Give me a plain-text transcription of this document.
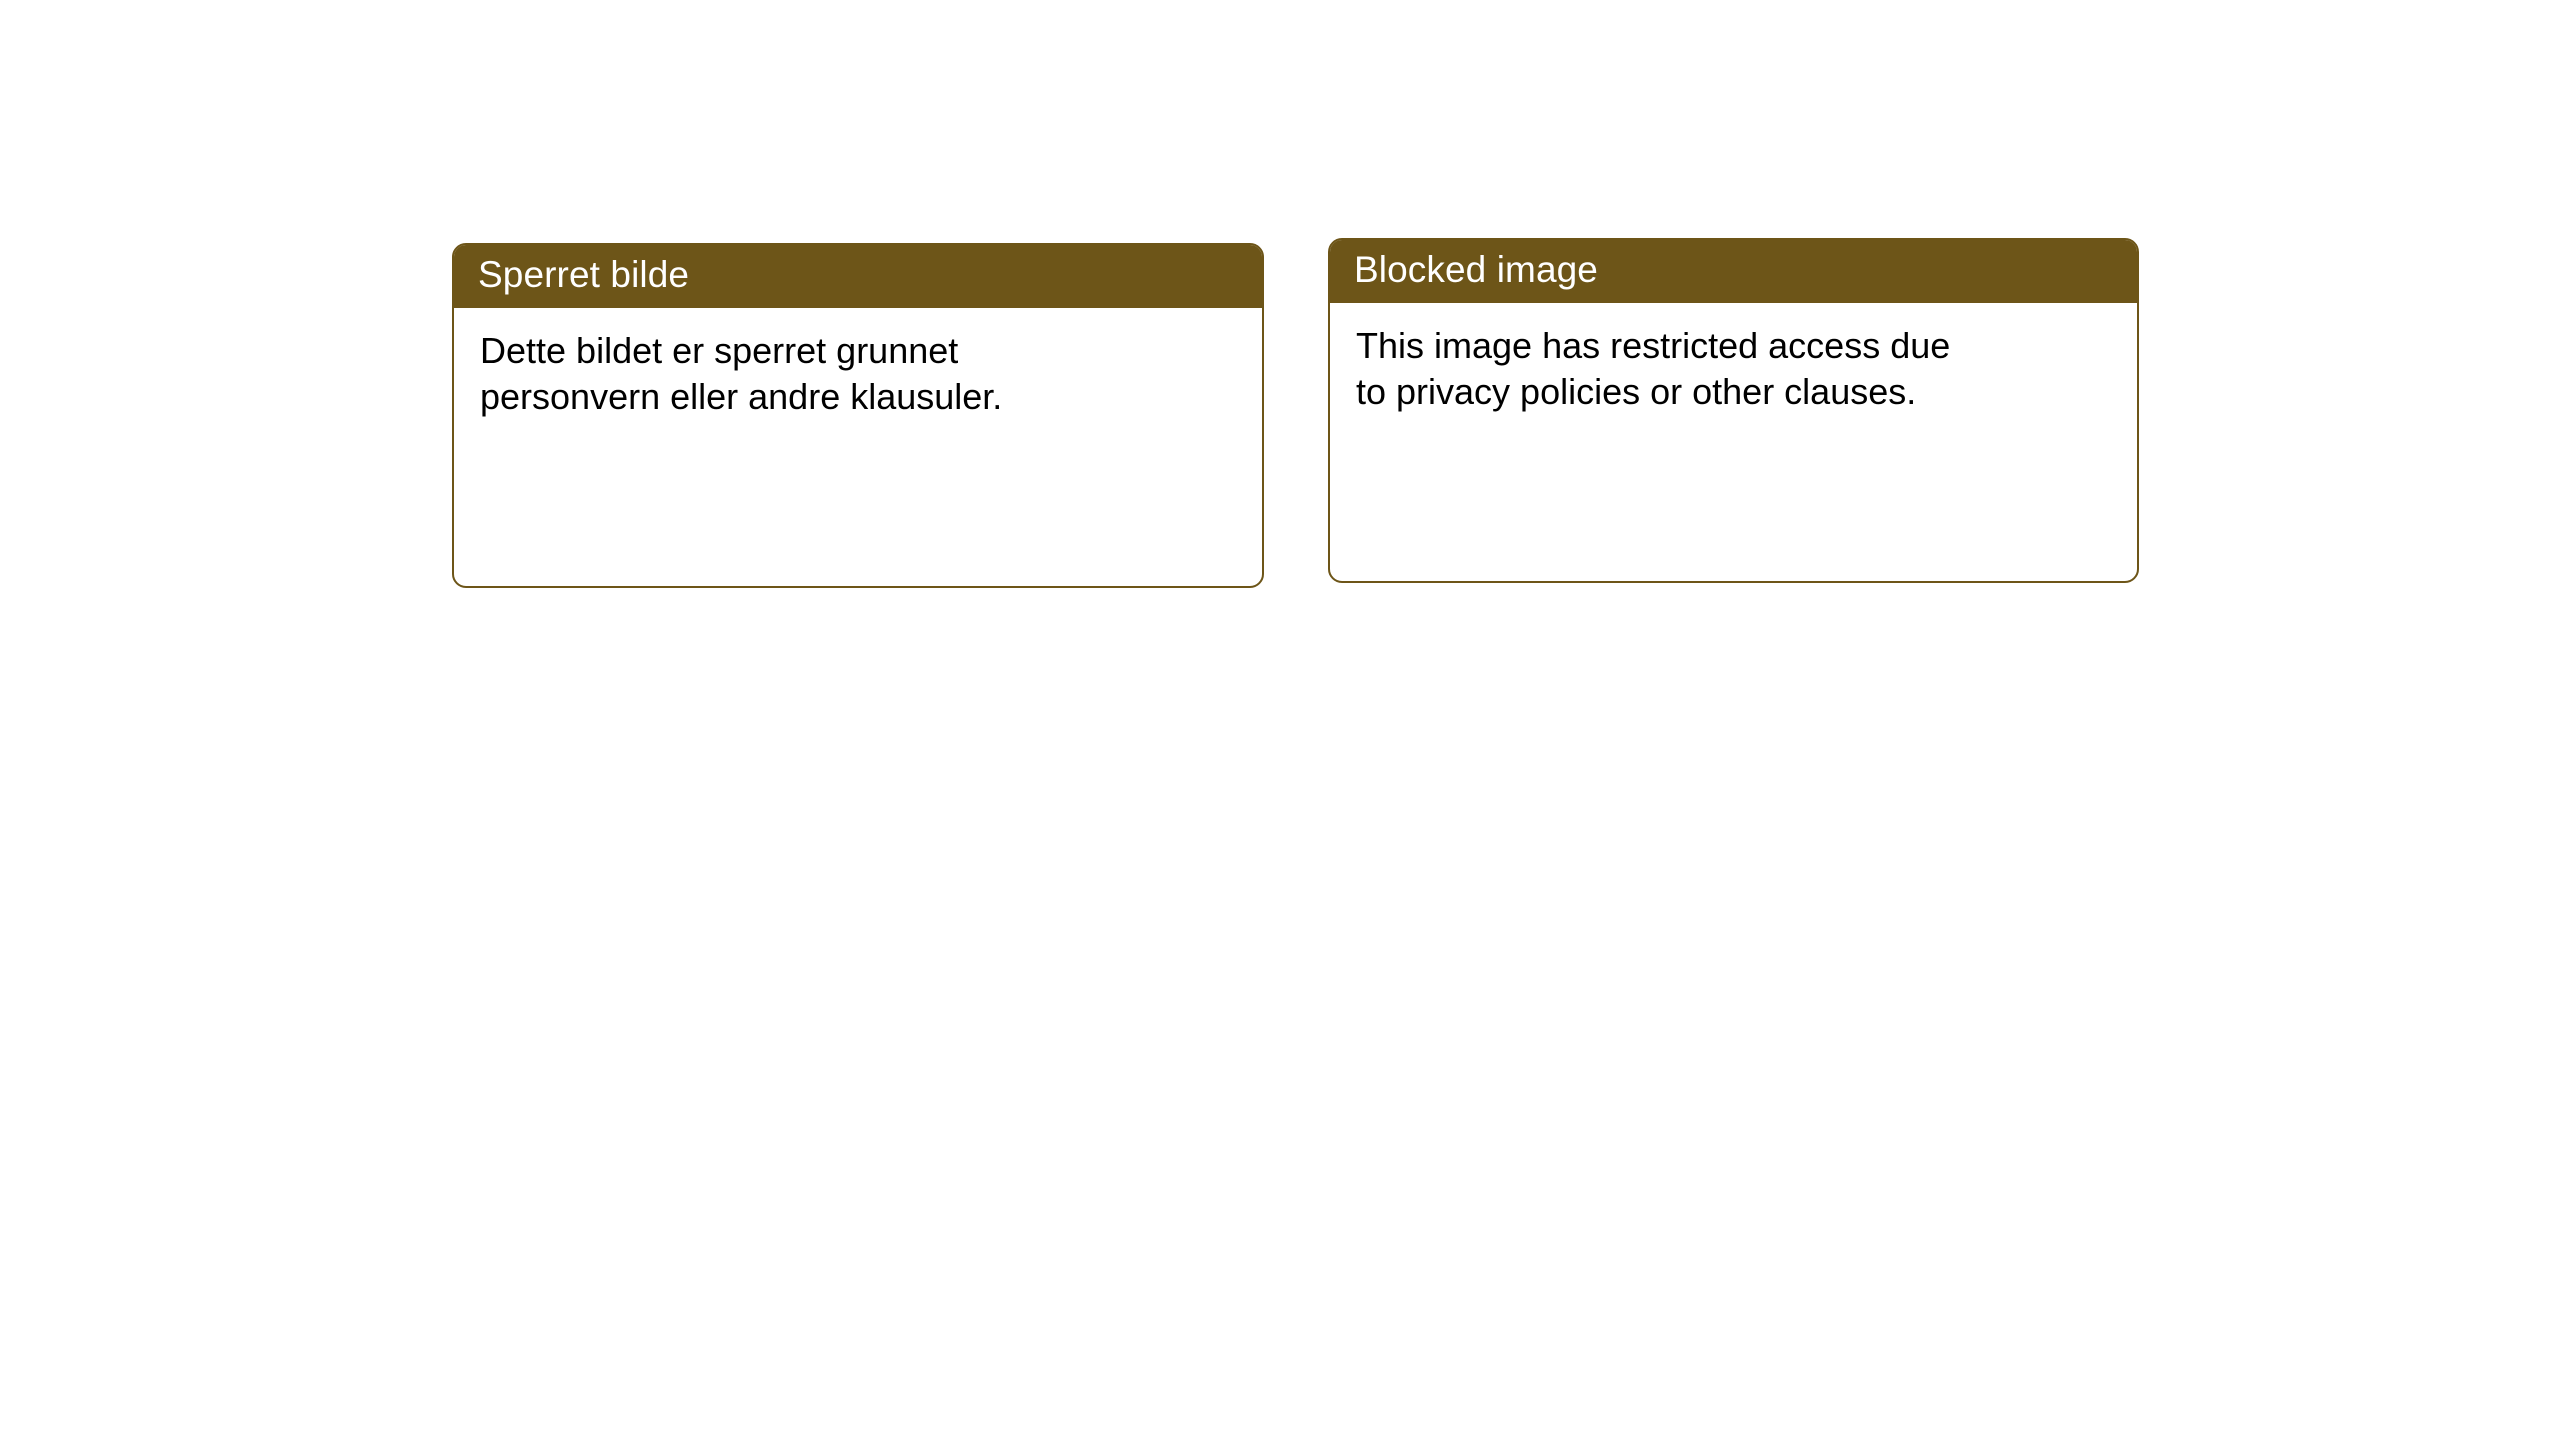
Sperret bilde
Dette bildet er sperret grunnet personvern eller andre klausuler.
Blocked image
This image has restricted access due to privacy policies or other clauses.
